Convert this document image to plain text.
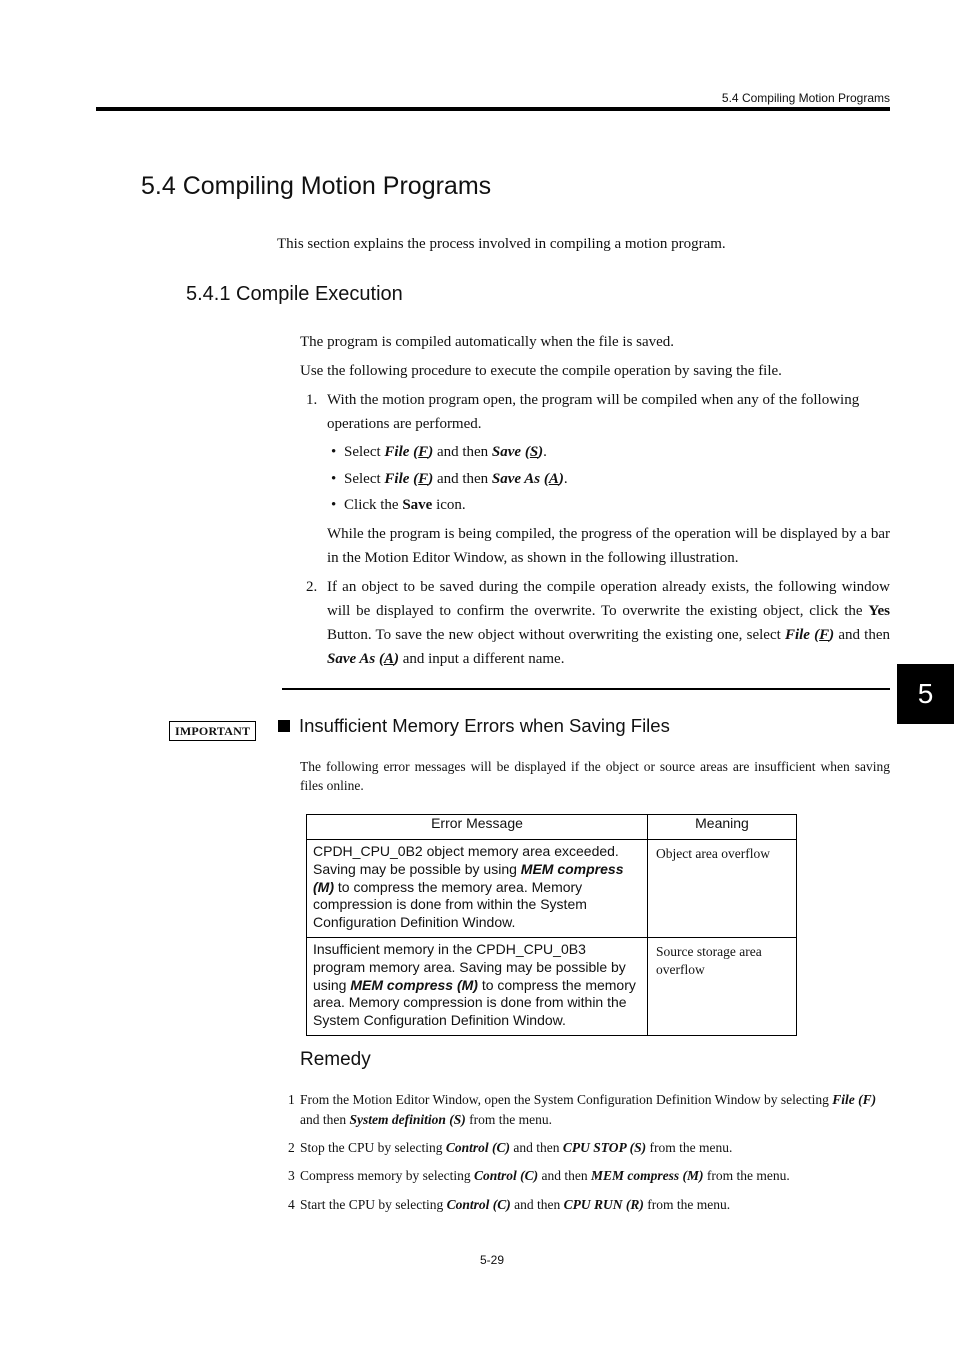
5.4 Compiling Motion Programs
5.4 Compiling Motion Programs
This section explains the process involved in compiling a motion program.
5.4.1 Compile Execution
The program is compiled automatically when the file is saved.
Use the following procedure to execute the compile operation by saving the file.
1. With the motion program open, the program will be compiled when any of the following operations are performed.
• Select File (F) and then Save (S).
• Select File (F) and then Save As (A).
• Click the Save icon.
While the program is being compiled, the progress of the operation will be displayed by a bar in the Motion Editor Window, as shown in the following illustration.
2. If an object to be saved during the compile operation already exists, the following window will be displayed to confirm the overwrite. To overwrite the existing object, click the Yes Button. To save the new object without overwriting the existing one, select File (F) and then Save As (A) and input a different name.
5
IMPORTANT	Insufficient Memory Errors when Saving Files
The following error messages will be displayed if the object or source areas are insufficient when saving files online.
Error Message	Meaning
CPDH_CPU_0B2 object memory area exceeded. Saving may be possible by using MEM compress (M) to compress the memory area. Memory compression is done from within the System Configuration Definition Window.	Object area overflow
Insufficient memory in the CPDH_CPU_0B3 program memory area. Saving may be possible by using MEM compress (M) to compress the memory area. Memory compression is done from within the System Configuration Definition Window.	Source storage area overflow
Remedy
1 From the Motion Editor Window, open the System Configuration Definition Window by selecting File (F) and then System definition (S) from the menu.
2 Stop the CPU by selecting Control (C) and then CPU STOP (S) from the menu.
3 Compress memory by selecting Control (C) and then MEM compress (M) from the menu.
4 Start the CPU by selecting Control (C) and then CPU RUN (R) from the menu.
5-29
